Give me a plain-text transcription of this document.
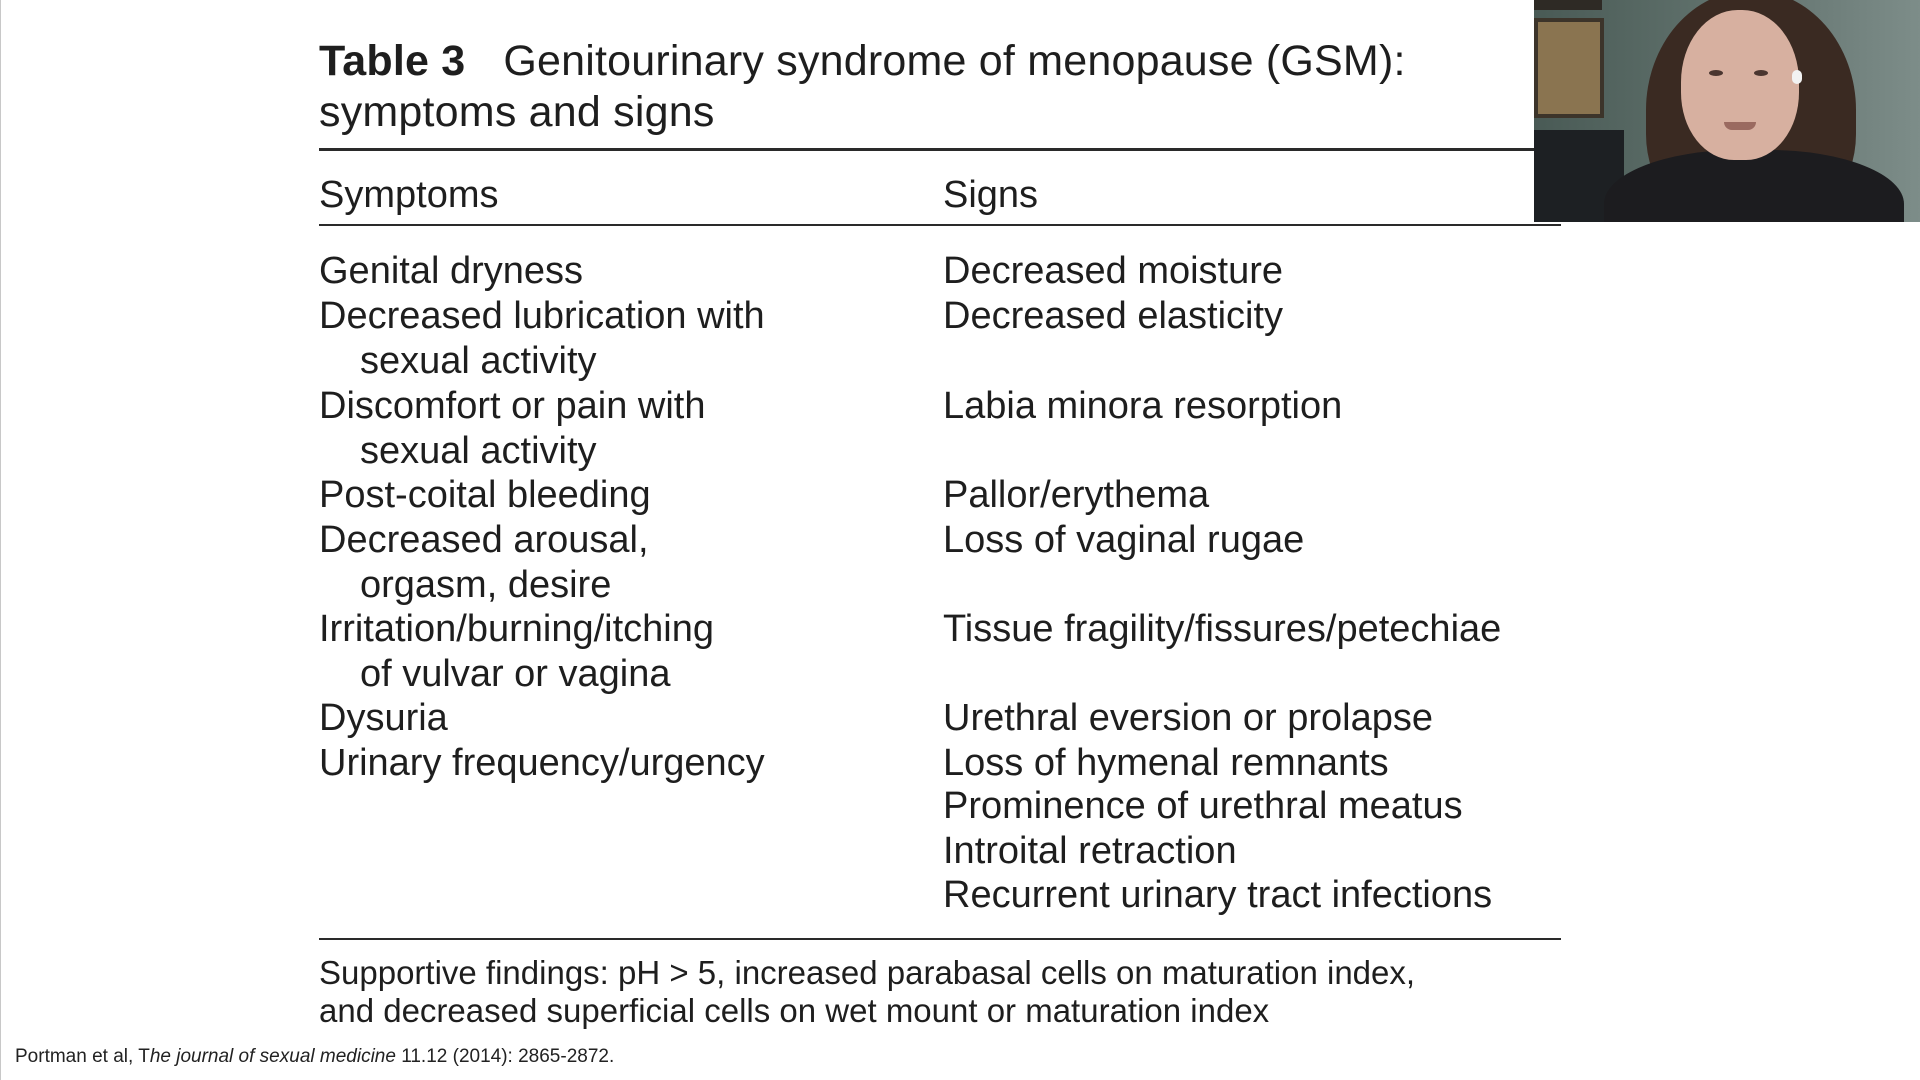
Table 3 Genitourinary syndrome of menopause (GSM):
symptoms and signs
Symptoms	Signs
Genital dryness
Decreased lubrication with
sexual activity
Discomfort or pain with
sexual activity
Post-coital bleeding
Decreased arousal,
orgasm, desire
Irritation/burning/itching
of vulvar or vagina
Dysuria
Urinary frequency/urgency
Decreased moisture
Decreased elasticity
Labia minora resorption
Pallor/erythema
Loss of vaginal rugae
Tissue fragility/fissures/petechiae
Urethral eversion or prolapse
Loss of hymenal remnants
Prominence of urethral meatus
Introital retraction
Recurrent urinary tract infections
Supportive findings: pH > 5, increased parabasal cells on maturation index,
and decreased superficial cells on wet mount or maturation index
Portman et al, The journal of sexual medicine 11.12 (2014): 2865-2872.
